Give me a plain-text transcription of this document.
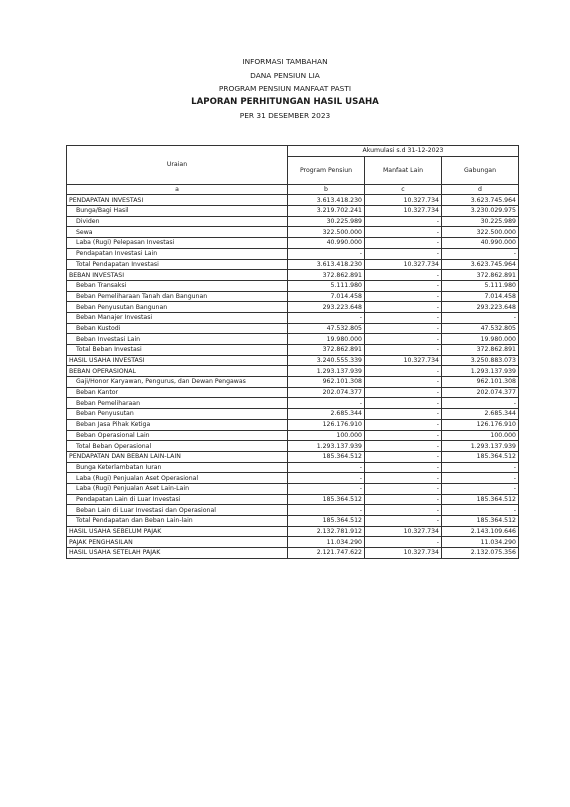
INFORMASI TAMBAHAN
DANA PENSIUN LIA
PROGRAM PENSIUN MANFAAT PASTI
LAPORAN PERHITUNGAN HASIL USAHA
PER 31 DESEMBER 2023
Uraian	Akumulasi s.d 31-12-2023		
	Program Pensiun	Manfaat Lain	Gabungan
a	b	c	d
PENDAPATAN INVESTASI	3.613.418.230	10.327.734	3.623.745.964
Bunga/Bagi Hasil	3.219.702.241	10.327.734	3.230.029.975
Dividen	30.225.989	-	30.225.989
Sewa	322.500.000	-	322.500.000
Laba (Rugi) Pelepasan Investasi	40.990.000	-	40.990.000
Pendapatan Investasi Lain	-	-	-
Total Pendapatan Investasi	3.613.418.230	10.327.734	3.623.745.964
BEBAN INVESTASI	372.862.891	-	372.862.891
Beban Transaksi	5.111.980	-	5.111.980
Beban Pemeliharaan Tanah dan Bangunan	7.014.458	-	7.014.458
Beban Penyusutan Bangunan	293.223.648	-	293.223.648
Beban Manajer Investasi	-	-	-
Beban Kustodi	47.532.805	-	47.532.805
Beban Investasi Lain	19.980.000	-	19.980.000
Total Beban Investasi	372.862.891	-	372.862.891
HASIL USAHA INVESTASI	3.240.555.339	10.327.734	3.250.883.073
BEBAN OPERASIONAL	1.293.137.939	-	1.293.137.939
Gaji/Honor Karyawan, Pengurus, dan Dewan Pengawas	962.101.308	-	962.101.308
Beban Kantor	202.074.377	-	202.074.377
Beban Pemeliharaan	-	-	-
Beban Penyusutan	2.685.344	-	2.685.344
Beban Jasa Pihak Ketiga	126.176.910	-	126.176.910
Beban Operasional Lain	100.000	-	100.000
Total Beban Operasional	1.293.137.939	-	1.293.137.939
PENDAPATAN DAN BEBAN LAIN-LAIN	185.364.512	-	185.364.512
Bunga Keterlambatan Iuran	-	-	-
Laba (Rugi) Penjualan Aset Operasional	-	-	-
Laba (Rugi) Penjualan Aset Lain-Lain	-	-	-
Pendapatan Lain di Luar Investasi	185.364.512	-	185.364.512
Beban Lain di Luar Investasi dan Operasional	-	-	-
Total Pendapatan dan Beban Lain-lain	185.364.512	-	185.364.512
HASIL USAHA SEBELUM PAJAK	2.132.781.912	10.327.734	2.143.109.646
PAJAK PENGHASILAN	11.034.290	-	11.034.290
HASIL USAHA SETELAH PAJAK	2.121.747.622	10.327.734	2.132.075.356
